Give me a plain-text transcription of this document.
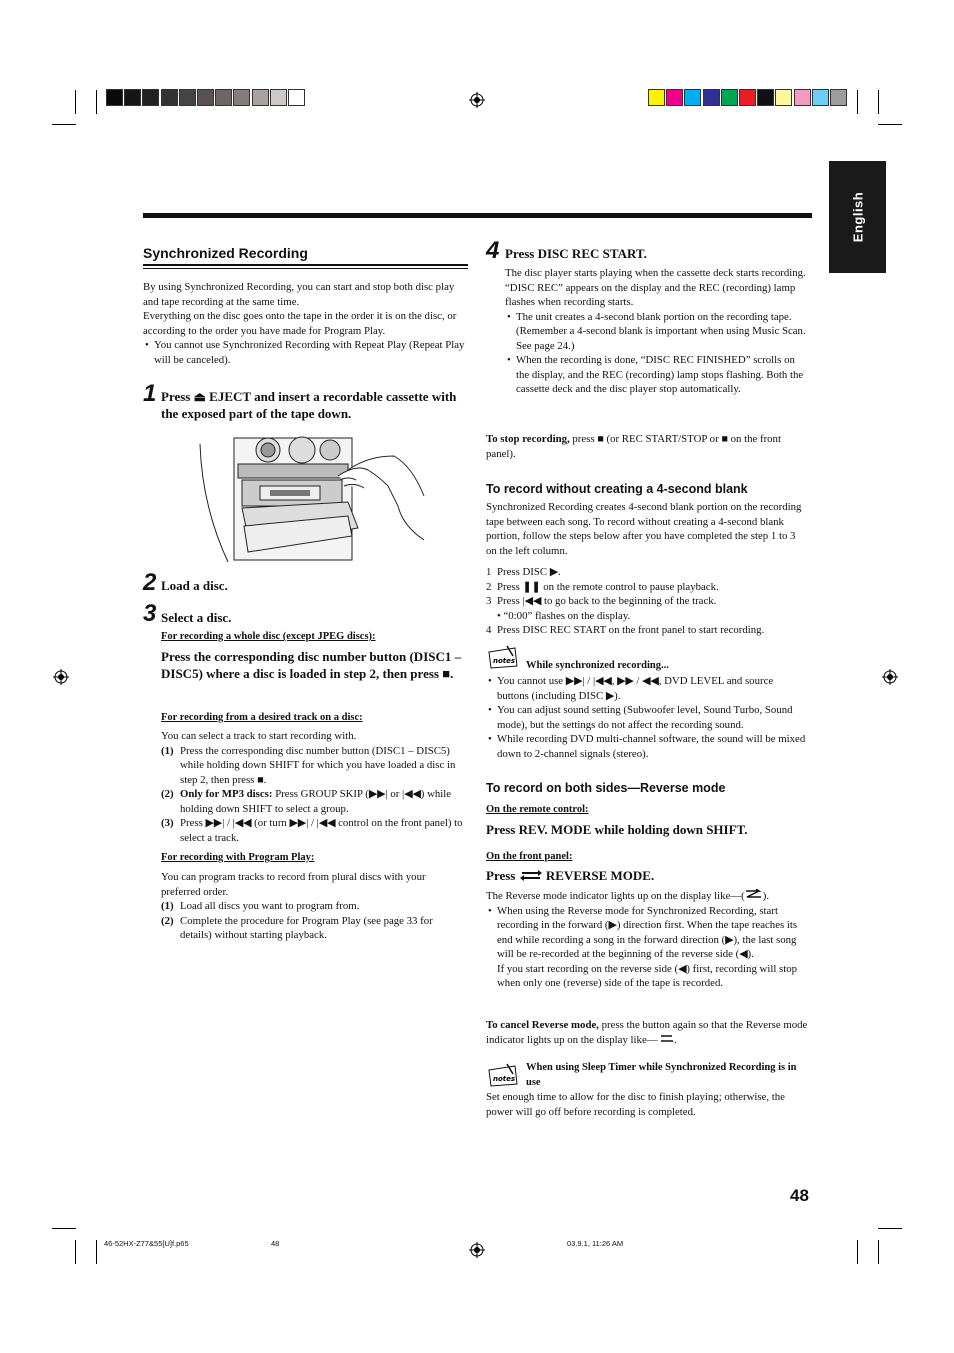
English
Synchronized Recording
By using Synchronized Recording, you can start and stop both disc play and tape recording at the same time.
Everything on the disc goes onto the tape in the order it is on the disc, or according to the order you have made for Program Play.
• You cannot use Synchronized Recording with Repeat Play (Repeat Play will be canceled).
1 Press ⏏ EJECT and insert a recordable cassette with the exposed part of the tape down.
2 Load a disc.
3 Select a disc.
For recording a whole disc (except JPEG discs):
Press the corresponding disc number button (DISC1 – DISC5) where a disc is loaded in step 2, then press ■.
For recording from a desired track on a disc:
You can select a track to start recording with.
(1) Press the corresponding disc number button (DISC1 – DISC5) while holding down SHIFT for which you have loaded a disc in step 2, then press ■.
(2) Only for MP3 discs: Press GROUP SKIP (▶▶| or |◀◀) while holding down SHIFT to select a group.
(3) Press ▶▶| / |◀◀ (or turn ▶▶| / |◀◀ control on the front panel) to select a track.
For recording with Program Play:
You can program tracks to record from plural discs with your preferred order.
(1) Load all discs you want to program from.
(2) Complete the procedure for Program Play (see page 33 for details) without starting playback.
4 Press DISC REC START.
The disc player starts playing when the cassette deck starts recording.
“DISC REC” appears on the display and the REC (recording) lamp flashes when recording starts.
• The unit creates a 4-second blank portion on the recording tape. (Remember a 4-second blank is important when using Music Scan. See page 24.)
• When the recording is done, “DISC REC FINISHED” scrolls on the display, and the REC (recording) lamp stops flashing. Both the cassette deck and the disc player stop automatically.
To stop recording, press ■ (or REC START/STOP or ■ on the front panel).
To record without creating a 4-second blank
Synchronized Recording creates 4-second blank portion on the recording tape between each song. To record without creating a 4-second blank portion, follow the steps below after you have completed the step 1 to 3 on the left column.
1 Press DISC ▶.
2 Press ❚❚ on the remote control to pause playback.
3 Press |◀◀ to go back to the beginning of the track.
• “0:00” flashes on the display.
4 Press DISC REC START on the front panel to start recording.
notes While synchronized recording...
• You cannot use ▶▶| / |◀◀, ▶▶ / ◀◀, DVD LEVEL and source buttons (including DISC ▶).
• You can adjust sound setting (Subwoofer level, Sound Turbo, Sound mode), but the settings do not affect the recording sound.
• While recording DVD multi-channel software, the sound will be mixed down to 2-channel signals (stereo).
To record on both sides—Reverse mode
On the remote control:
Press REV. MODE while holding down SHIFT.
On the front panel:
Press REVERSE MODE.
The Reverse mode indicator lights up on the display like—( ).
• When using the Reverse mode for Synchronized Recording, start recording in the forward (▶) direction first. When the tape reaches its end while recording a song in the forward direction (▶), the last song will be re-recorded at the beginning of the reverse side (◀).
If you start recording on the reverse side (◀) first, recording will stop when only one (reverse) side of the tape is recorded.
To cancel Reverse mode, press the button again so that the Reverse mode indicator lights up on the display like— .
notes
When using Sleep Timer while Synchronized Recording is in use
Set enough time to allow for the disc to finish playing; otherwise, the power will go off before recording is completed.
48
46-52HX-Z77&55[U]f.p65	48	03.9.1, 11:26 AM
